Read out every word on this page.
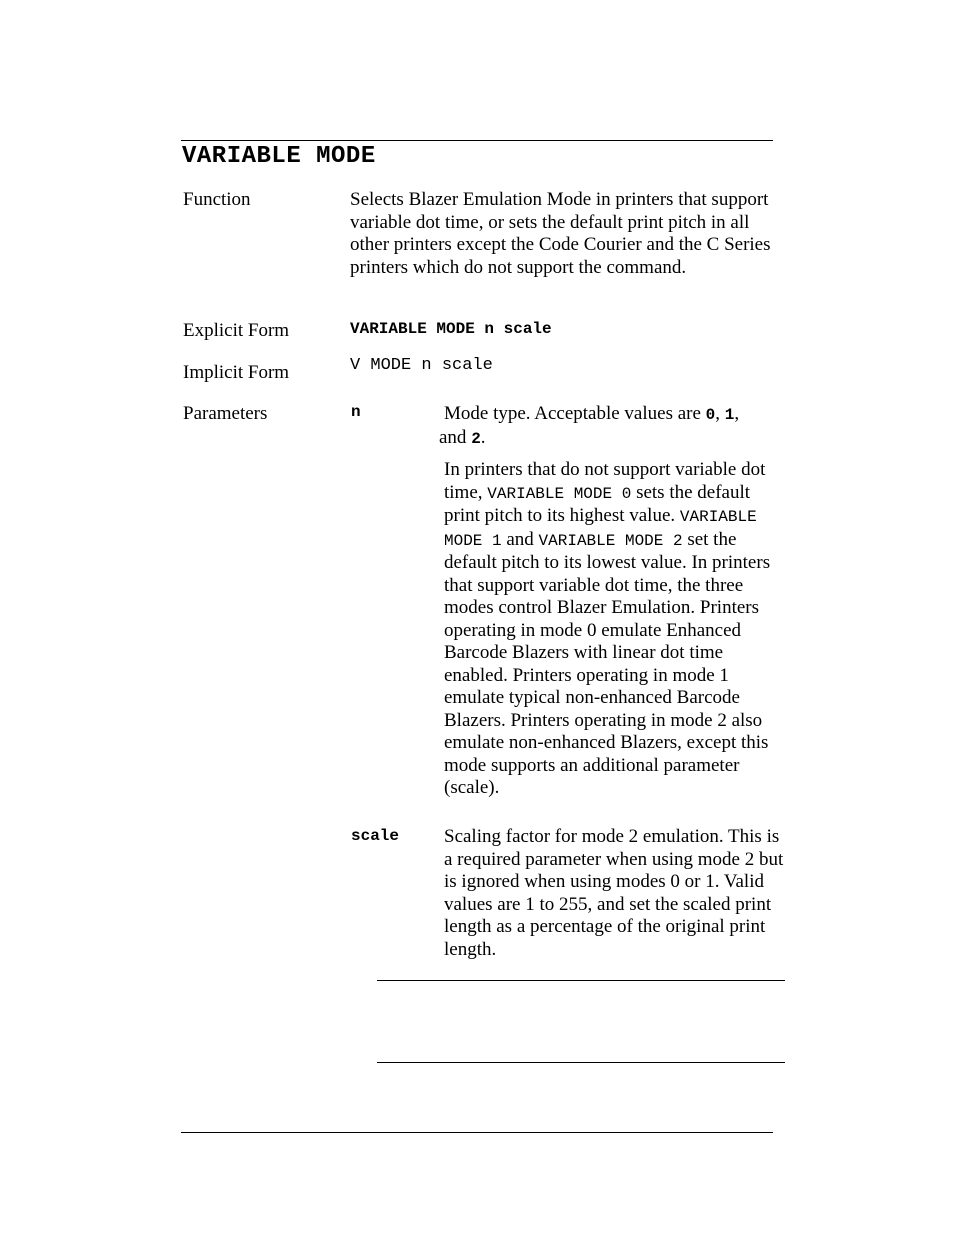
VARIABLE MODE
Function	Selects Blazer Emulation Mode in printers that support variable dot time, or sets the default print pitch in all other printers except the Code Courier and the C Series printers which do not support the command.
Explicit Form	VARIABLE MODE n scale
Implicit Form	V MODE n scale
Parameters	n	Mode type. Acceptable values are 0, 1,
and 2.

In printers that do not support variable dot time, VARIABLE MODE 0 sets the default print pitch to its highest value. VARIABLE MODE 1 and VARIABLE MODE 2 set the default pitch to its lowest value. In printers that support variable dot time, the three modes control Blazer Emulation. Printers operating in mode 0 emulate Enhanced Barcode Blazers with linear dot time enabled. Printers operating in mode 1 emulate typical non-enhanced Barcode Blazers. Printers operating in mode 2 also emulate non-enhanced Blazers, except this mode supports an additional parameter (scale).

scale Scaling factor for mode 2 emulation. This is a required parameter when using mode 2 but is ignored when using modes 0 or 1. Valid values are 1 to 255, and set the scaled print length as a percentage of the original print length.
